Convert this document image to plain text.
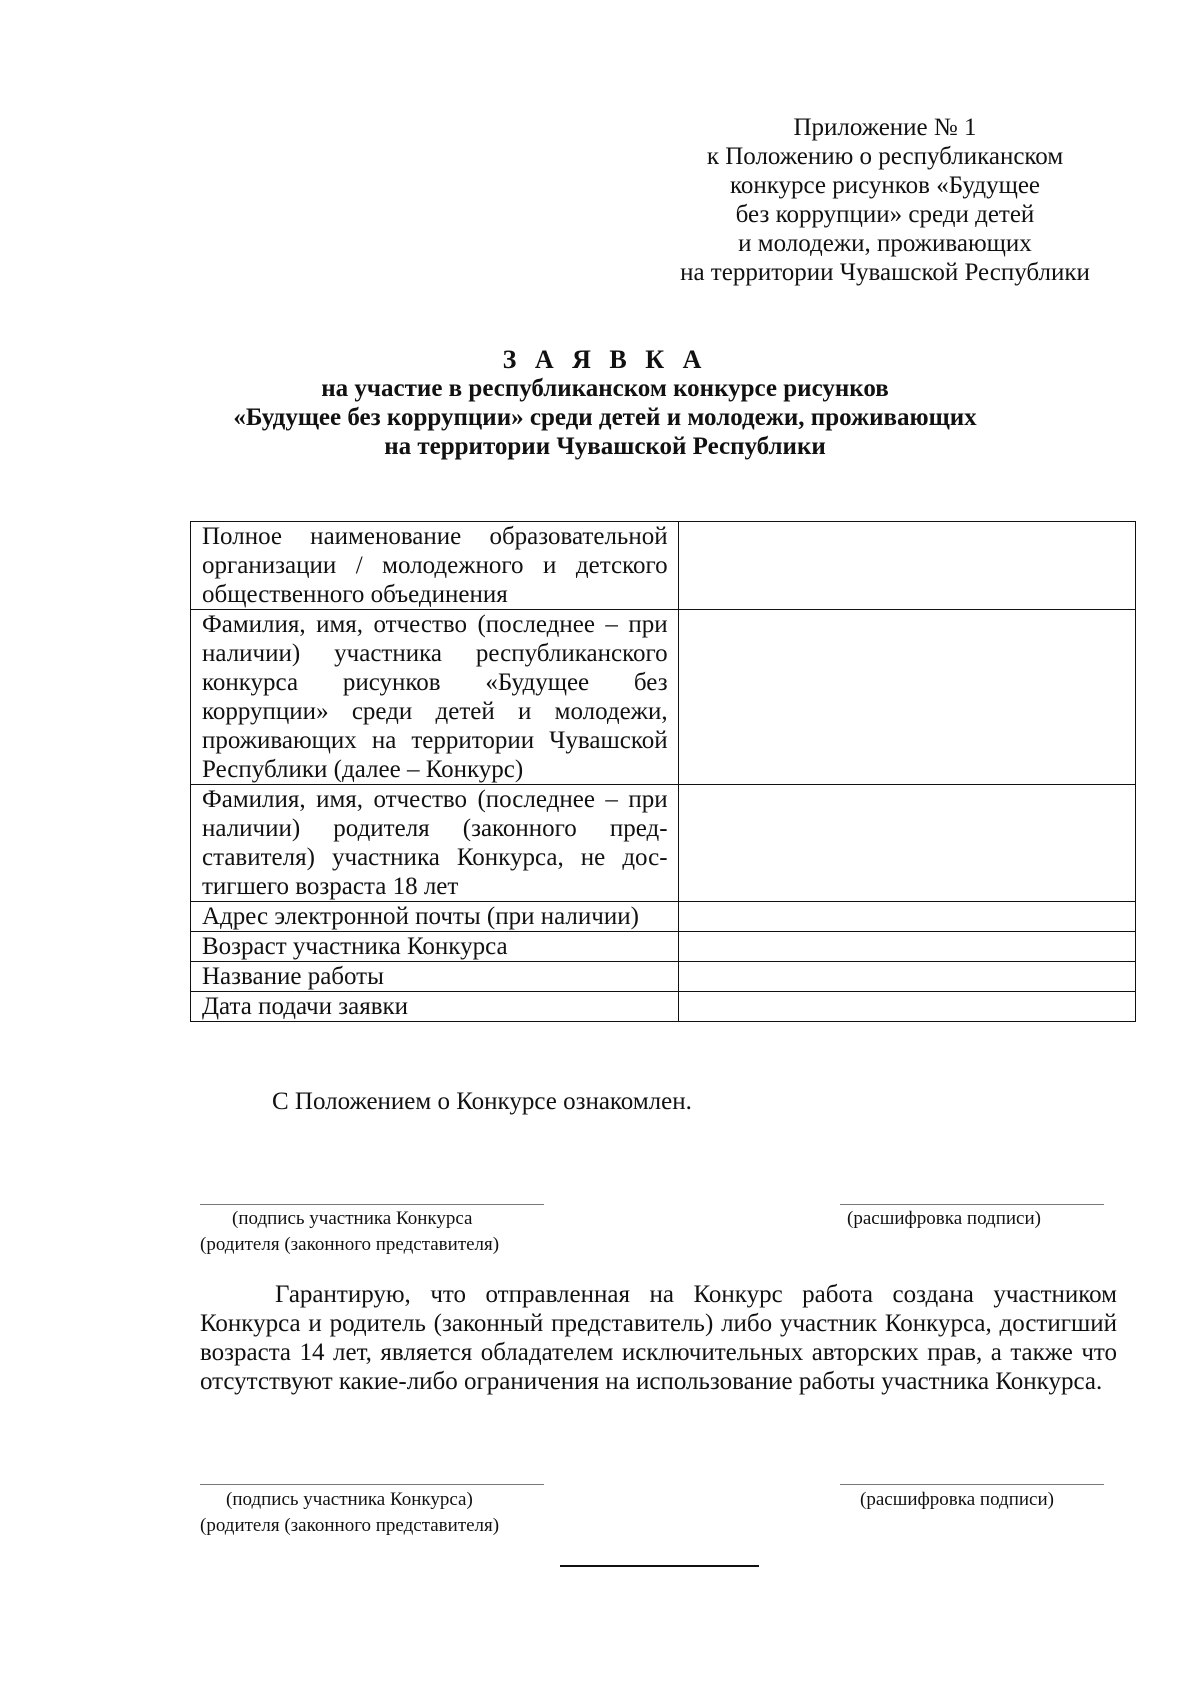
Приложение № 1
к Положению о республиканском
конкурсе рисунков «Будущее
без коррупции» среди детей
и молодежи, проживающих
на территории Чувашской Республики
З А Я В К А
на участие в республиканском конкурсе рисунков
«Будущее без коррупции» среди детей и молодежи, проживающих
на территории Чувашской Республики
Полное наименование образовательной организации / молодежного и детского общественного объединения	
Фамилия, имя, отчество (последнее – при наличии) участника республиканского конкурса рисунков «Будущее без коррупции» среди детей и молодежи, проживающих на территории Чувашской Республики (далее – Конкурс)	
Фамилия, имя, отчество (последнее – при наличии) родителя (законного представителя) участника Конкурса, не достигшего возраста 18 лет	
Адрес электронной почты (при наличии)	
Возраст участника Конкурса	
Название работы	
Дата подачи заявки	
С Положением о Конкурсе ознакомлен.
(подпись участника Конкурса
(родителя (законного представителя)
(расшифровка подписи)

Гарантирую, что отправленная на Конкурс работа создана участником Конкурса и родитель (законный представитель) либо участник Конкурса, достигший возраста 14 лет, является обладателем исключительных авторских прав, а также что отсутствуют какие-либо ограничения на использование работы участника Конкурса.

(подпись участника Конкурса)
(родителя (законного представителя)
(расшифровка подписи)
